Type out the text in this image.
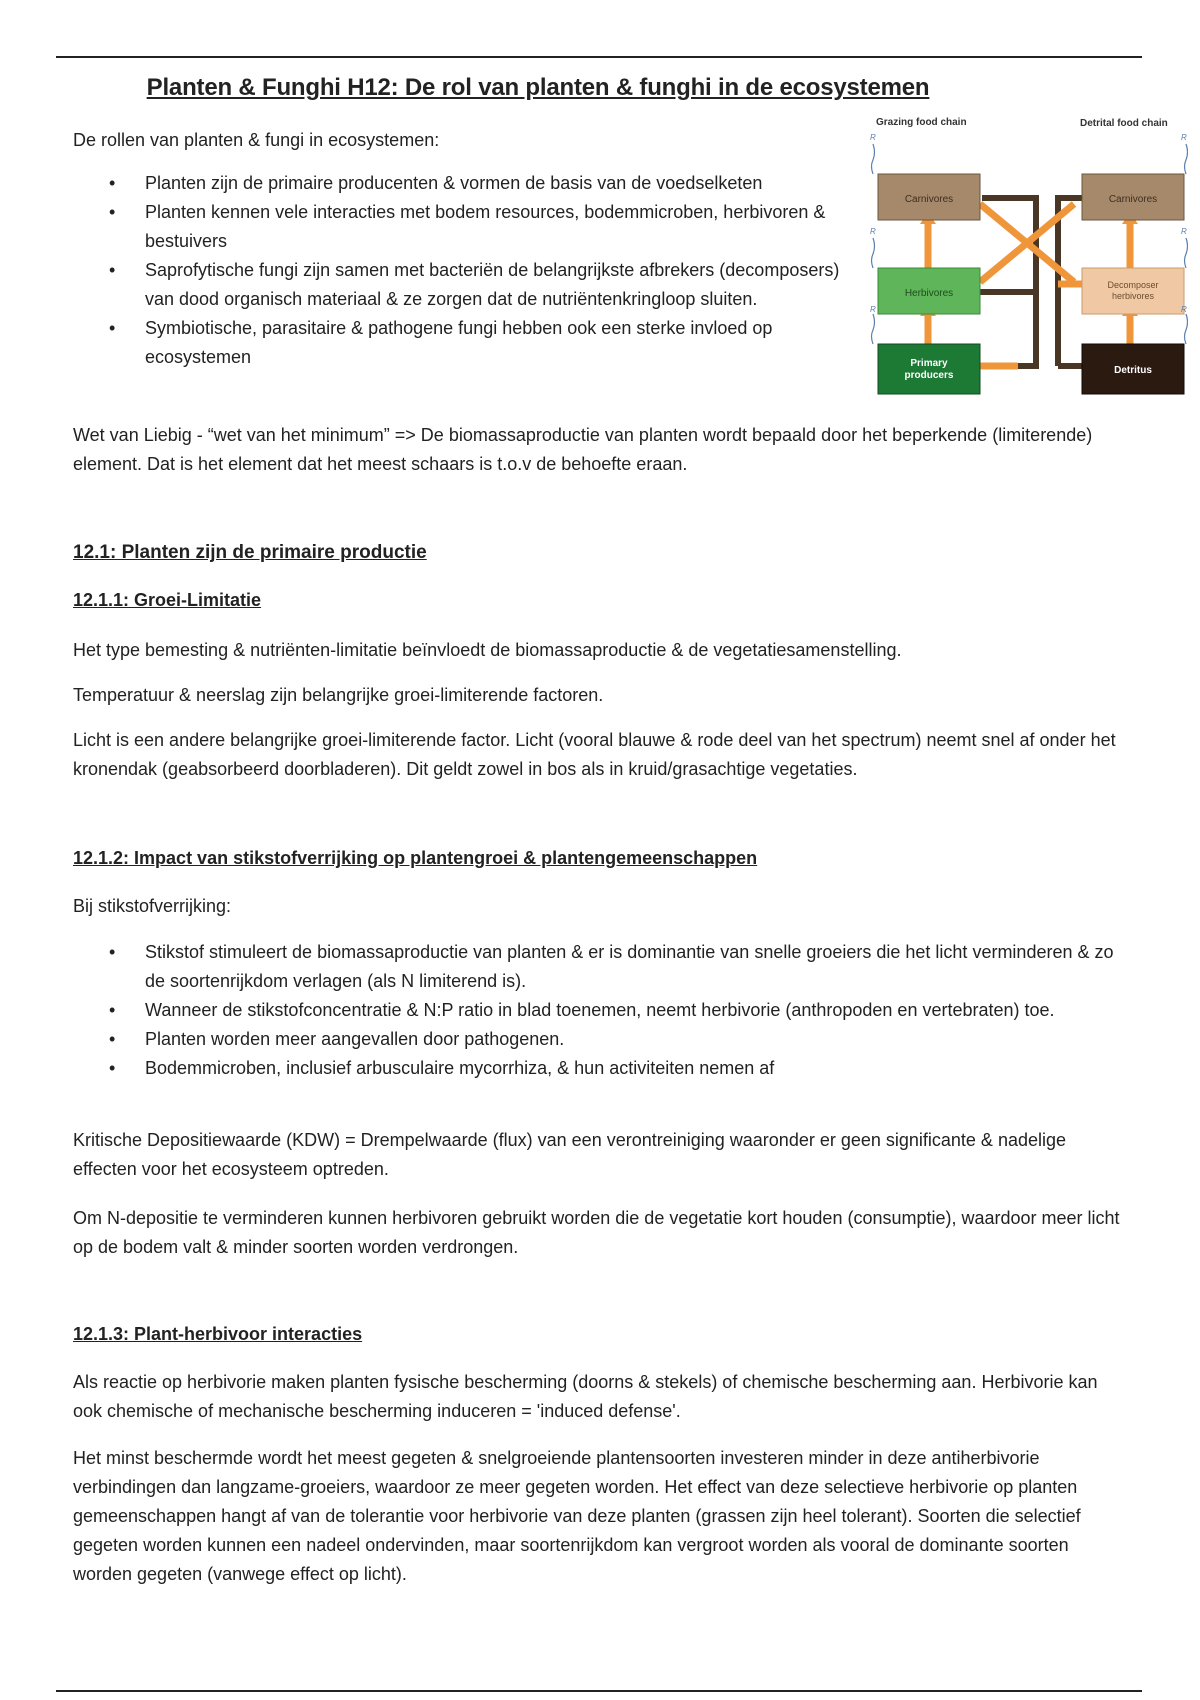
Planten & Funghi H12: De rol van planten & funghi in de ecosystemen

De rollen van planten & fungi in ecosystemen:

• Planten zijn de primaire producenten & vormen de basis van de voedselketen
• Planten kennen vele interacties met bodem resources, bodemmicroben, herbivoren & bestuivers
• Saprofytische fungi zijn samen met bacteriën de belangrijkste afbrekers (decomposers) van dood organisch materiaal & ze zorgen dat de nutriëntenkringloop sluiten.
• Symbiotische, parasitaire & pathogene fungi hebben ook een sterke invloed op ecosystemen
Wet van Liebig - “wet van het minimum” => De biomassaproductie van planten wordt bepaald door het beperkende (limiterende) element. Dat is het element dat het meest schaars is t.o.v de behoefte eraan.
12.1: Planten zijn de primaire productie
12.1.1: Groei-Limitatie
Het type bemesting & nutriënten-limitatie beïnvloedt de biomassaproductie & de vegetatiesamenstelling.
Temperatuur & neerslag zijn belangrijke groei-limiterende factoren.
Licht is een andere belangrijke groei-limiterende factor. Licht (vooral blauwe & rode deel van het spectrum) neemt snel af onder het kronendak (geabsorbeerd doorbladeren). Dit geldt zowel in bos als in kruid/grasachtige vegetaties.
12.1.2: Impact van stikstofverrijking op plantengroei & plantengemeenschappen
Bij stikstofverrijking:
• Stikstof stimuleert de biomassaproductie van planten & er is dominantie van snelle groeiers die het licht verminderen & zo de soortenrijkdom verlagen (als N limiterend is).
• Wanneer de stikstofconcentratie & N:P ratio in blad toenemen, neemt herbivorie (anthropoden en vertebraten) toe.
• Planten worden meer aangevallen door pathogenen.
• Bodemmicroben, inclusief arbusculaire mycorrhiza, & hun activiteiten nemen af
Kritische Depositiewaarde (KDW) = Drempelwaarde (flux) van een verontreiniging waaronder er geen significante & nadelige effecten voor het ecosysteem optreden.
Om N-depositie te verminderen kunnen herbivoren gebruikt worden die de vegetatie kort houden (consumptie), waardoor meer licht op de bodem valt & minder soorten worden verdrongen.
12.1.3: Plant-herbivoor interacties
Als reactie op herbivorie maken planten fysische bescherming (doorns & stekels) of chemische bescherming aan. Herbivorie kan ook chemische of mechanische bescherming induceren = 'induced defense'.
Het minst beschermde wordt het meest gegeten & snelgroeiende plantensoorten investeren minder in deze antiherbivorie verbindingen dan langzame-groeiers, waardoor ze meer gegeten worden. Het effect van deze selectieve herbivorie op planten gemeenschappen hangt af van de tolerantie voor herbivorie van deze planten (grassen zijn heel tolerant). Soorten die selectief gegeten worden kunnen een nadeel ondervinden, maar soortenrijkdom kan vergroot worden als vooral de dominante soorten worden gegeten (vanwege effect op licht).
Grazing food chain	Detrital food chain
Carnivores	Carnivores
Herbivores
Decomposer
herbivores
Primary
producers	Detritus
R
R
R
R
R
R
